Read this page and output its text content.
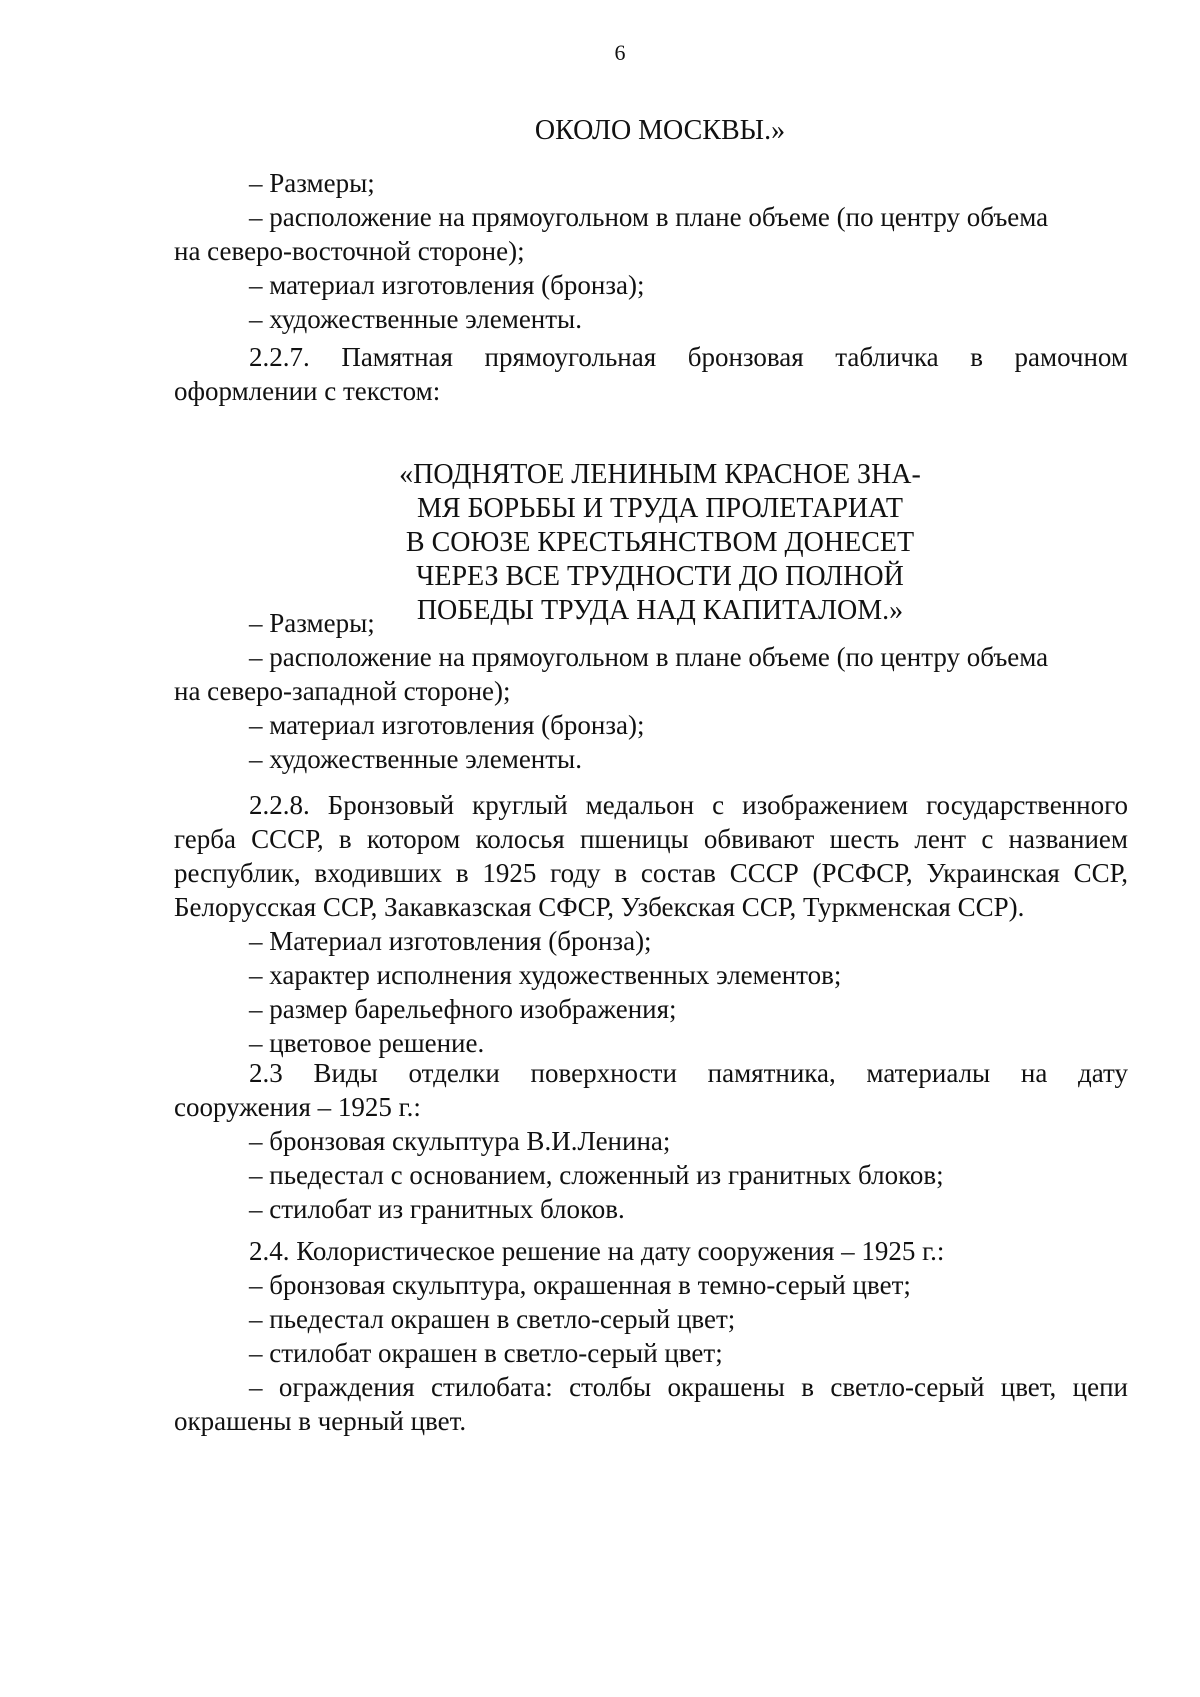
6
ОКОЛО МОСКВЫ.»
– Размеры;
– расположение на прямоугольном в плане объеме (по центру объема
на северо-восточной стороне);
– материал изготовления (бронза);
– художественные элементы.
2.2.7. Памятная прямоугольная бронзовая табличка в рамочном
оформлении с текстом:
«ПОДНЯТОЕ ЛЕНИНЫМ КРАСНОЕ ЗНА-
МЯ БОРЬБЫ И ТРУДА ПРОЛЕТАРИАТ
В СОЮЗЕ КРЕСТЬЯНСТВОМ ДОНЕСЕТ
ЧЕРЕЗ ВСЕ ТРУДНОСТИ ДО ПОЛНОЙ
ПОБЕДЫ ТРУДА НАД КАПИТАЛОМ.»
– Размеры;
– расположение на прямоугольном в плане объеме (по центру объема
на северо-западной стороне);
– материал изготовления (бронза);
– художественные элементы.
2.2.8. Бронзовый круглый медальон с изображением государственного
герба СССР, в котором колосья пшеницы обвивают шесть лент с названием
республик, входивших в 1925 году в состав СССР (РСФСР, Украинская ССР,
Белорусская ССР, Закавказская СФСР, Узбекская ССР, Туркменская ССР).
– Материал изготовления (бронза);
– характер исполнения художественных элементов;
– размер барельефного изображения;
– цветовое решение.
2.3 Виды отделки поверхности памятника, материалы на дату
сооружения – 1925 г.:
– бронзовая скульптура В.И.Ленина;
– пьедестал с основанием, сложенный из гранитных блоков;
– стилобат из гранитных блоков.
2.4. Колористическое решение на дату сооружения – 1925 г.:
– бронзовая скульптура, окрашенная в темно-серый цвет;
– пьедестал окрашен в светло-серый цвет;
– стилобат окрашен в светло-серый цвет;
– ограждения стилобата: столбы окрашены в светло-серый цвет, цепи
окрашены в черный цвет.
